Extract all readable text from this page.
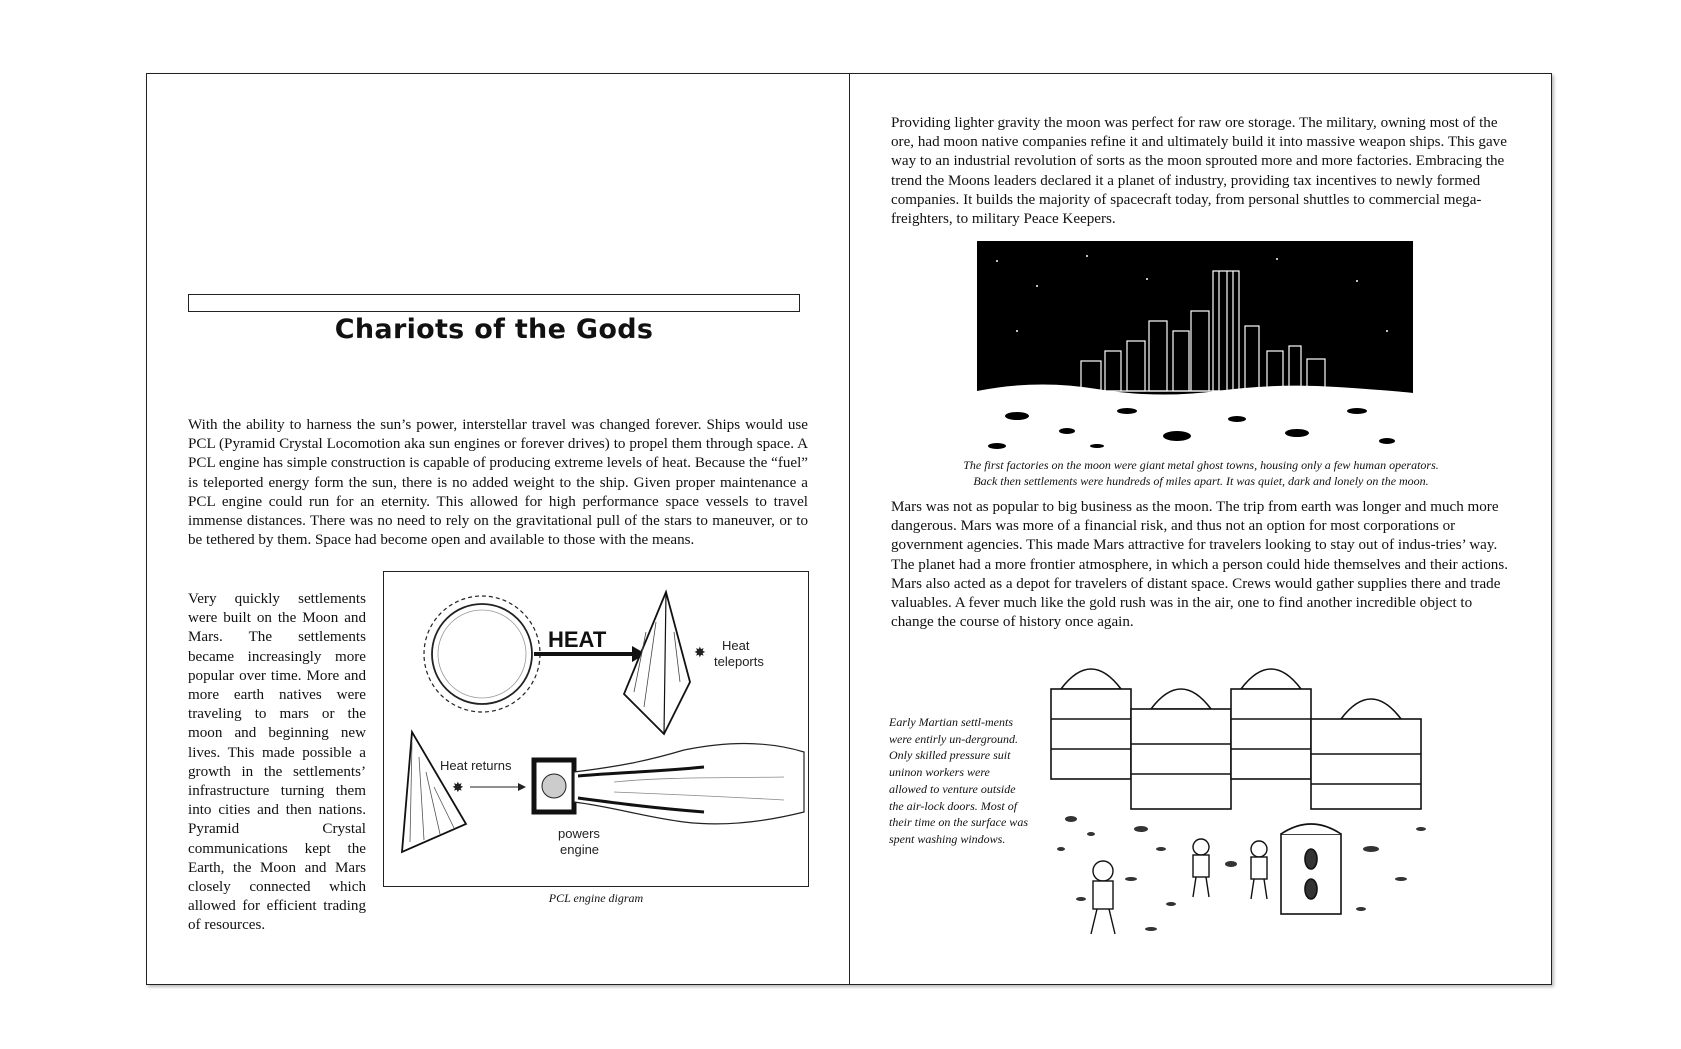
Chariots of the Gods

With the ability to harness the sun’s power, interstellar travel was changed forever. Ships would use PCL (Pyramid Crystal Locomotion aka sun engines or forever drives) to propel them through space. A PCL engine has simple construction is capable of producing extreme levels of heat. Because the “fuel” is teleported energy form the sun, there is no added weight to the ship. Given proper maintenance a PCL engine could run for an eternity. This allowed for high performance space vessels to travel immense distances. There was no need to rely on the gravitational pull of the stars to maneuver, or to be tethered by them. Space had become open and available to those with the means.

Very quickly settlements were built on the Moon and Mars. The settlements became increasingly more popular over time. More and more earth natives were traveling to mars or the moon and beginning new lives. This made possible a growth in the settlements’ infrastructure turning them into cities and then nations. Pyramid Crystal communications kept the Earth, the Moon and Mars closely connected which allowed for efficient trading of resources.

HEAT	✸ Heat
teleports
Heat returns
✸
powers
engine

PCL engine digram

Providing lighter gravity the moon was perfect for raw ore storage. The military, owning most of the ore, had moon native companies refine it and ultimately build it into massive weapon ships. This gave way to an industrial revolution of sorts as the moon sprouted more and more factories. Embracing the trend the Moons leaders declared it a planet of industry, providing tax incentives to newly formed companies. It builds the majority of spacecraft today, from personal shuttles to commercial mega-freighters, to military Peace Keepers.

The first factories on the moon were giant metal ghost towns, housing only a few human operators.
Back then settlements were hundreds of miles apart. It was quiet, dark and lonely on the moon.

Mars was not as popular to big business as the moon. The trip from earth was longer and much more dangerous. Mars was more of a financial risk, and thus not an option for most corporations or government agencies. This made Mars attractive for travelers looking to stay out of indus-tries’ way. The planet had a more frontier atmosphere, in which a person could hide themselves and their actions. Mars also acted as a depot for travelers of distant space. Crews would gather supplies there and trade valuables. A fever much like the gold rush was in the air, one to find another incredible object to change the course of history once again.

Early Martian settl-ments were entirly un-derground. Only skilled pressure suit uninon workers were allowed to venture outside the air-lock doors. Most of their time on the surface was spent washing windows.
